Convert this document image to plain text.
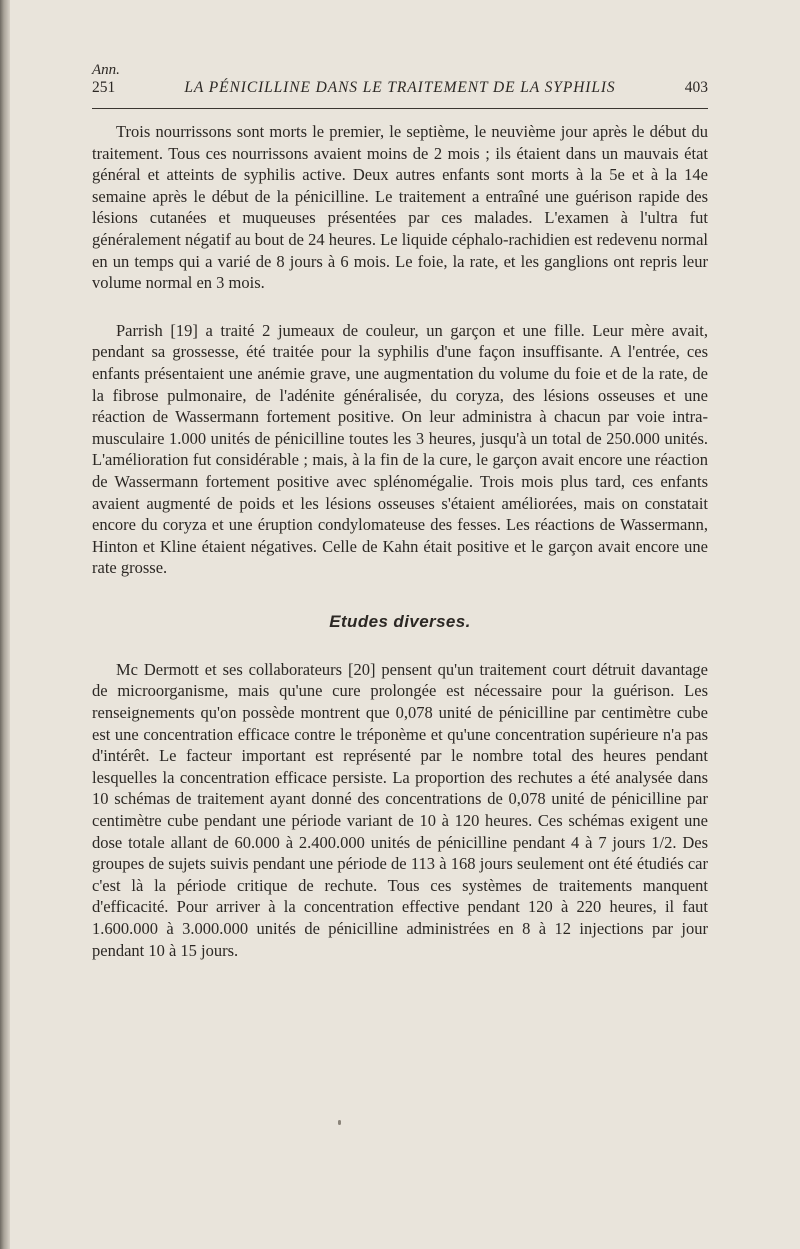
Ann.

251	LA PÉNICILLINE DANS LE TRAITEMENT DE LA SYPHILIS	403

Trois nourrissons sont morts le premier, le septième, le neuvième jour après le début du traitement. Tous ces nourrissons avaient moins de 2 mois ; ils étaient dans un mauvais état général et atteints de syphilis active. Deux autres enfants sont morts à la 5e et à la 14e semaine après le début de la pénicilline. Le traitement a entraîné une guérison rapide des lésions cutanées et muqueuses présentées par ces malades. L'examen à l'ultra fut généralement négatif au bout de 24 heures. Le liquide céphalo-rachidien est redevenu normal en un temps qui a varié de 8 jours à 6 mois. Le foie, la rate, et les ganglions ont repris leur volume normal en 3 mois.

Parrish [19] a traité 2 jumeaux de couleur, un garçon et une fille. Leur mère avait, pendant sa grossesse, été traitée pour la syphilis d'une façon insuffisante. A l'entrée, ces enfants présentaient une anémie grave, une augmentation du volume du foie et de la rate, de la fibrose pulmonaire, de l'adénite généralisée, du coryza, des lésions osseuses et une réaction de Wassermann fortement positive. On leur administra à chacun par voie intra-musculaire 1.000 unités de pénicilline toutes les 3 heures, jusqu'à un total de 250.000 unités. L'amélioration fut considérable ; mais, à la fin de la cure, le garçon avait encore une réaction de Wassermann fortement positive avec splénomégalie. Trois mois plus tard, ces enfants avaient augmenté de poids et les lésions osseuses s'étaient améliorées, mais on constatait encore du coryza et une éruption condylomateuse des fesses. Les réactions de Wassermann, Hinton et Kline étaient négatives. Celle de Kahn était positive et le garçon avait encore une rate grosse.

Etudes diverses.

Mc Dermott et ses collaborateurs [20] pensent qu'un traitement court détruit davantage de microorganisme, mais qu'une cure prolongée est nécessaire pour la guérison. Les renseignements qu'on possède montrent que 0,078 unité de pénicilline par centimètre cube est une concentration efficace contre le tréponème et qu'une concentration supérieure n'a pas d'intérêt. Le facteur important est représenté par le nombre total des heures pendant lesquelles la concentration efficace persiste. La proportion des rechutes a été analysée dans 10 schémas de traitement ayant donné des concentrations de 0,078 unité de pénicilline par centimètre cube pendant une période variant de 10 à 120 heures. Ces schémas exigent une dose totale allant de 60.000 à 2.400.000 unités de pénicilline pendant 4 à 7 jours 1/2. Des groupes de sujets suivis pendant une période de 113 à 168 jours seulement ont été étudiés car c'est là la période critique de rechute. Tous ces systèmes de traitements manquent d'efficacité. Pour arriver à la concentration effective pendant 120 à 220 heures, il faut 1.600.000 à 3.000.000 unités de pénicilline administrées en 8 à 12 injections par jour pendant 10 à 15 jours.
